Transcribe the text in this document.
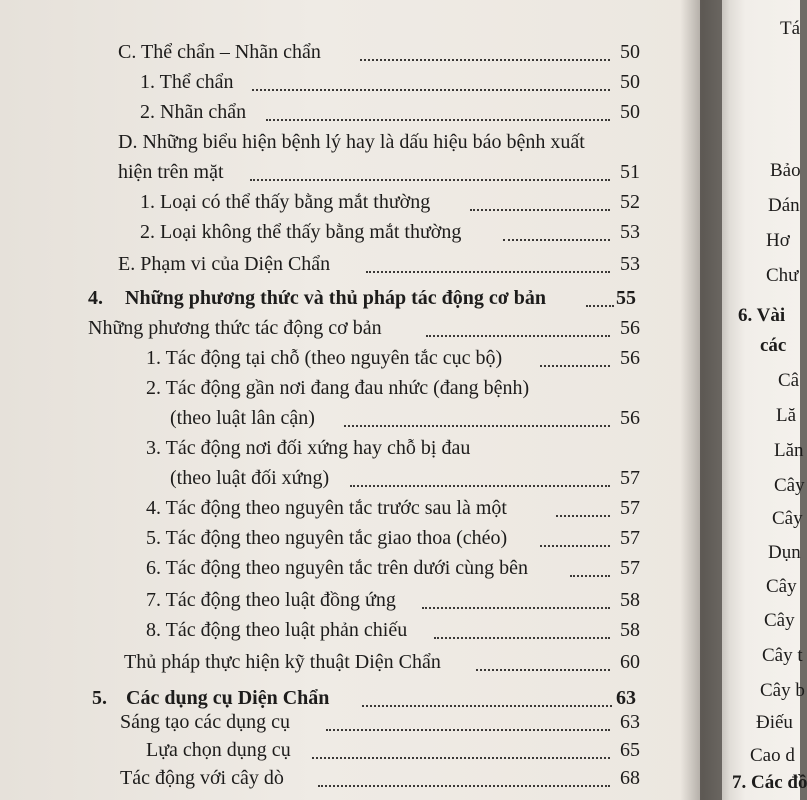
Tá
Bảo
Dán
Hơ
Chư
6. Vài
các
Câ
Lă
Lăn
Cây
Cây
Dụn
Cây
Cây
Cây t
Cây b
Điếu
Cao d
7. Các đồ
C. Thể chẩn – Nhãn chẩn	50
1. Thể chẩn	50
2. Nhãn chẩn	50
D. Những biểu hiện bệnh lý hay là dấu hiệu báo bệnh xuất
hiện trên mặt	51
1. Loại có thể thấy bằng mắt thường	52
2. Loại không thể thấy bằng mắt thường	53
E. Phạm vi của Diện Chẩn	53
4. Những phương thức và thủ pháp tác động cơ bản	55
Những phương thức tác động cơ bản	56
1. Tác động tại chỗ (theo nguyên tắc cục bộ)	56
2. Tác động gần nơi đang đau nhức (đang bệnh)
(theo luật lân cận)	56
3. Tác động nơi đối xứng hay chỗ bị đau
(theo luật đối xứng)	57
4. Tác động theo nguyên tắc trước sau là một	57
5. Tác động theo nguyên tắc giao thoa (chéo)	57
6. Tác động theo nguyên tắc trên dưới cùng bên	57
7. Tác động theo luật đồng ứng	58
8. Tác động theo luật phản chiếu	58
Thủ pháp thực hiện kỹ thuật Diện Chẩn	60
5. Các dụng cụ Diện Chẩn	63
Sáng tạo các dụng cụ	63
Lựa chọn dụng cụ	65
Tác động với cây dò	68
